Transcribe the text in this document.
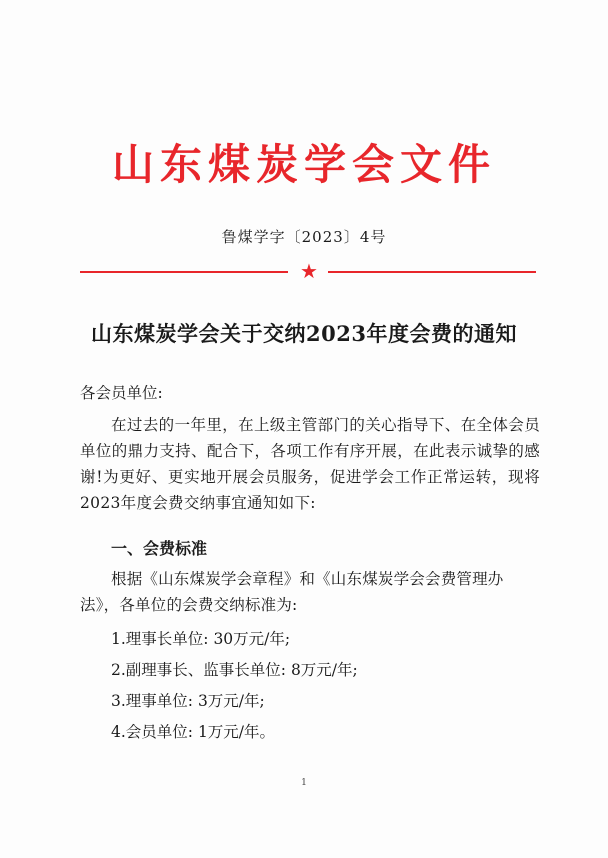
山东煤炭学会文件
鲁煤学字〔2023〕4号
★
山东煤炭学会关于交纳2023年度会费的通知
各会员单位:
在过去的一年里，在上级主管部门的关心指导下、在全体会员单位的鼎力支持、配合下，各项工作有序开展，在此表示诚挚的感谢!为更好、更实地开展会员服务，促进学会工作正常运转，现将2023年度会费交纳事宜通知如下:
一、会费标准
根据《山东煤炭学会章程》和《山东煤炭学会会费管理办法》，各单位的会费交纳标准为:
1.理事长单位: 30万元/年;
2.副理事长、监事长单位: 8万元/年;
3.理事单位: 3万元/年;
4.会员单位: 1万元/年。
1
